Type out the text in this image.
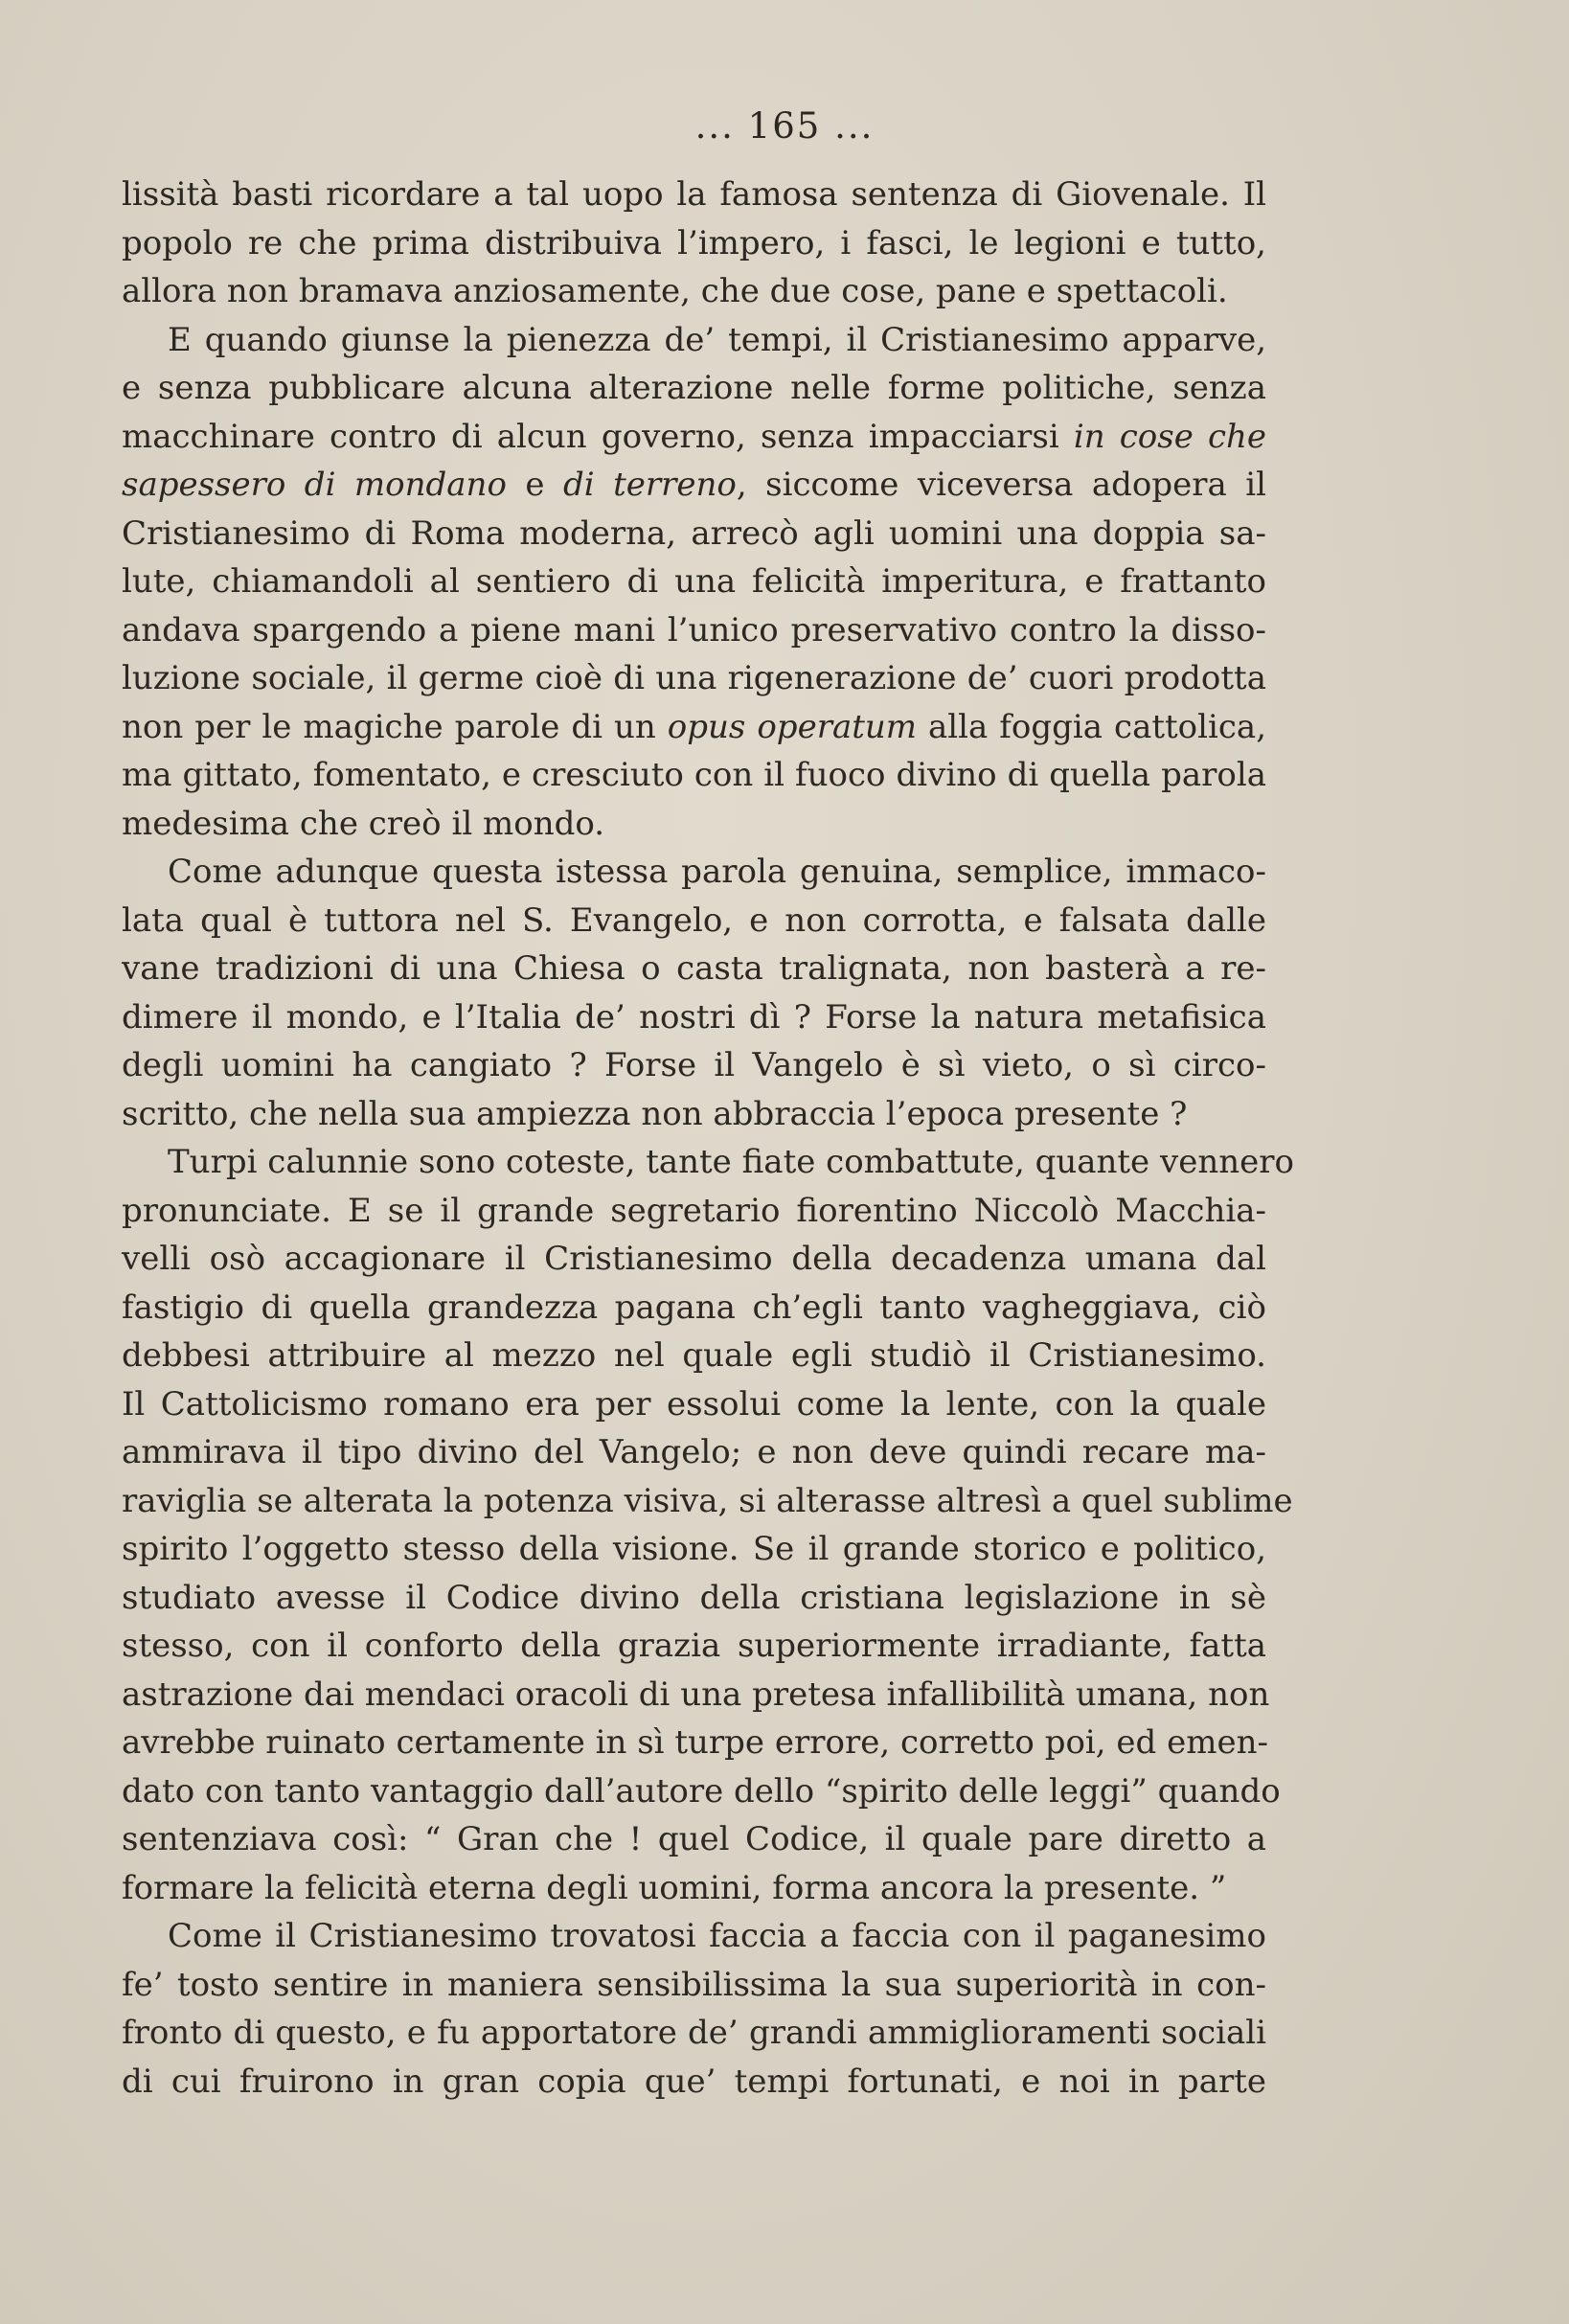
... 165 ...
lissità basti ricordare a tal uopo la famosa sentenza di Giovenale. Il
popolo re che prima distribuiva l’impero, i fasci, le legioni e tutto,
allora non bramava anziosamente, che due cose, pane e spettacoli.
E quando giunse la pienezza de’ tempi, il Cristianesimo apparve,
e senza pubblicare alcuna alterazione nelle forme politiche, senza
macchinare contro di alcun governo, senza impacciarsi in cose che
sapessero di mondano e di terreno, siccome viceversa adopera il
Cristianesimo di Roma moderna, arrecò agli uomini una doppia sa-
lute, chiamandoli al sentiero di una felicità imperitura, e frattanto
andava spargendo a piene mani l’unico preservativo contro la disso-
luzione sociale, il germe cioè di una rigenerazione de’ cuori prodotta
non per le magiche parole di un opus operatum alla foggia cattolica,
ma gittato, fomentato, e cresciuto con il fuoco divino di quella parola
medesima che creò il mondo.
Come adunque questa istessa parola genuina, semplice, immaco-
lata qual è tuttora nel S. Evangelo, e non corrotta, e falsata dalle
vane tradizioni di una Chiesa o casta tralignata, non basterà a re-
dimere il mondo, e l’Italia de’ nostri dì ? Forse la natura metafisica
degli uomini ha cangiato ? Forse il Vangelo è sì vieto, o sì circo-
scritto, che nella sua ampiezza non abbraccia l’epoca presente ?
Turpi calunnie sono coteste, tante fiate combattute, quante vennero
pronunciate. E se il grande segretario fiorentino Niccolò Macchia-
velli osò accagionare il Cristianesimo della decadenza umana dal
fastigio di quella grandezza pagana ch’egli tanto vagheggiava, ciò
debbesi attribuire al mezzo nel quale egli studiò il Cristianesimo.
Il Cattolicismo romano era per essolui come la lente, con la quale
ammirava il tipo divino del Vangelo; e non deve quindi recare ma-
raviglia se alterata la potenza visiva, si alterasse altresì a quel sublime
spirito l’oggetto stesso della visione. Se il grande storico e politico,
studiato avesse il Codice divino della cristiana legislazione in sè
stesso, con il conforto della grazia superiormente irradiante, fatta
astrazione dai mendaci oracoli di una pretesa infallibilità umana, non
avrebbe ruinato certamente in sì turpe errore, corretto poi, ed emen-
dato con tanto vantaggio dall’autore dello “spirito delle leggi” quando
sentenziava così: “ Gran che ! quel Codice, il quale pare diretto a
formare la felicità eterna degli uomini, forma ancora la presente. ”
Come il Cristianesimo trovatosi faccia a faccia con il paganesimo
fe’ tosto sentire in maniera sensibilissima la sua superiorità in con-
fronto di questo, e fu apportatore de’ grandi ammiglioramenti sociali
di cui fruirono in gran copia que’ tempi fortunati, e noi in parte
